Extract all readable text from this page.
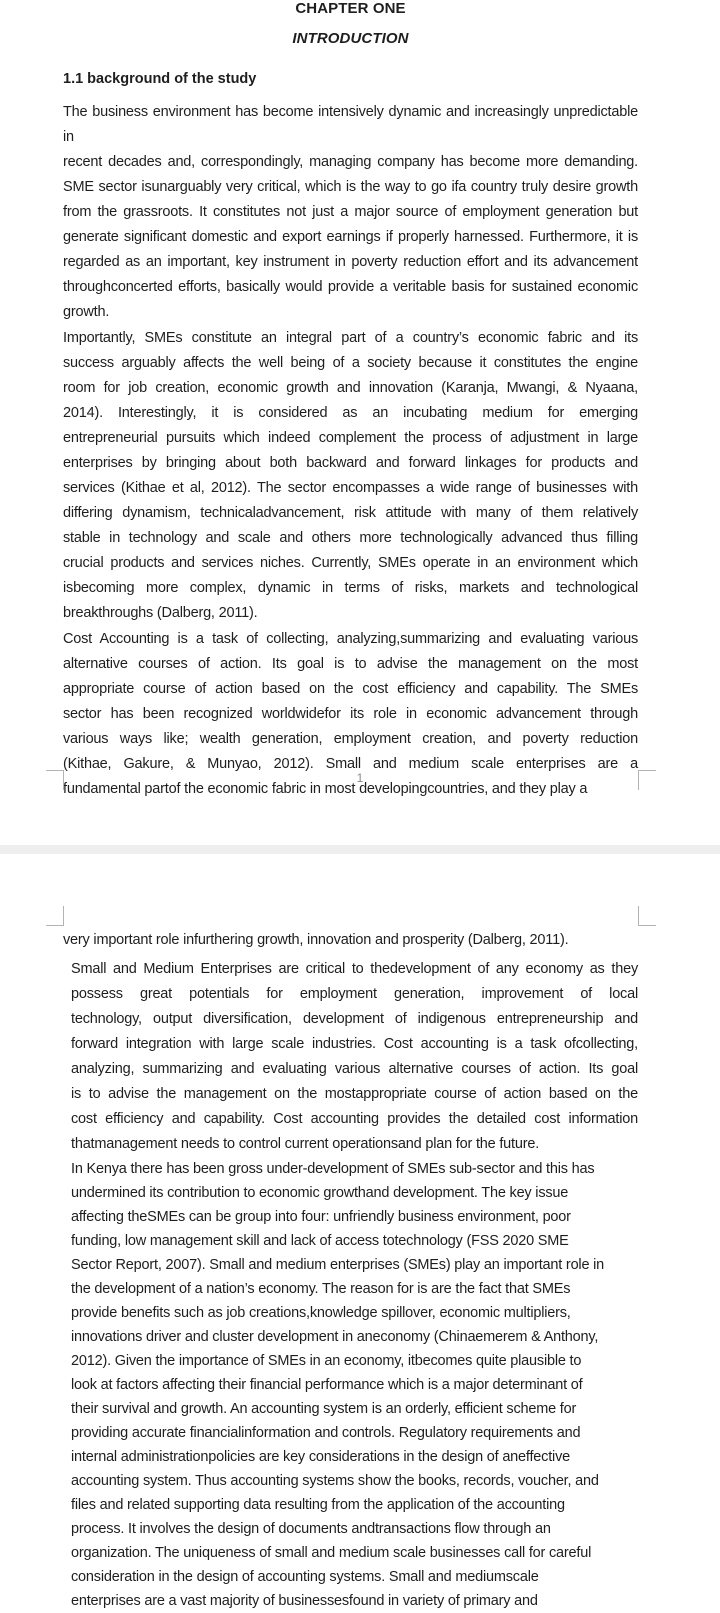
CHAPTER ONE
INTRODUCTION
1.1 background of the study
The business environment has become intensively dynamic and increasingly unpredictable in
recent decades and, correspondingly, managing company has become more demanding.
SME sector isunarguably very critical, which is the way to go ifa country truly desire growth
from the grassroots. It constitutes not just a major source of employment generation but
generate significant domestic and export earnings if properly harnessed. Furthermore, it is
regarded as an important, key instrument in poverty reduction effort and its advancement
throughconcerted efforts, basically would provide a veritable basis for sustained economic
growth.
Importantly, SMEs constitute an integral part of a country’s economic fabric and its
success arguably affects the well being of a society because it constitutes the engine
room for job creation, economic growth and innovation (Karanja, Mwangi, & Nyaana,
2014). Interestingly, it is considered as an incubating medium for emerging
entrepreneurial pursuits which indeed complement the process of adjustment in large
enterprises by bringing about both backward and forward linkages for products and
services (Kithae et al, 2012). The sector encompasses a wide range of businesses with
differing dynamism, technicaladvancement, risk attitude with many of them relatively
stable in technology and scale and others more technologically advanced thus filling
crucial products and services niches. Currently, SMEs operate in an environment which
isbecoming more complex, dynamic in terms of risks, markets and technological
breakthroughs (Dalberg, 2011).
Cost Accounting is a task of collecting, analyzing,summarizing and evaluating various
alternative courses of action. Its goal is to advise the management on the most
appropriate course of action based on the cost efficiency and capability. The SMEs
sector has been recognized worldwidefor its role in economic advancement through
various ways like; wealth generation, employment creation, and poverty reduction
(Kithae, Gakure, & Munyao, 2012). Small and medium scale enterprises are a
fundamental partof the economic fabric in most developingcountries, and they play a
1
very important role infurthering growth, innovation and prosperity (Dalberg, 2011).
Small and Medium Enterprises are critical to thedevelopment of any economy as they
possess great potentials for employment generation, improvement of local
technology, output diversification, development of indigenous entrepreneurship and
forward integration with large scale industries. Cost accounting is a task ofcollecting,
analyzing, summarizing and evaluating various alternative courses of action. Its goal
is to advise the management on the mostappropriate course of action based on the
cost efficiency and capability. Cost accounting provides the detailed cost information
thatmanagement needs to control current operationsand plan for the future.
In Kenya there has been gross under-development of SMEs sub-sector and this has
undermined its contribution to economic growthand development. The key issue
affecting theSMEs can be group into four: unfriendly business environment, poor
funding, low management skill and lack of access totechnology (FSS 2020 SME
Sector Report, 2007). Small and medium enterprises (SMEs) play an important role in
the development of a nation’s economy. The reason for is are the fact that SMEs
provide benefits such as job creations,knowledge spillover, economic multipliers,
innovations driver and cluster development in aneconomy (Chinaemerem & Anthony,
2012). Given the importance of SMEs in an economy, itbecomes quite plausible to
look at factors affecting their financial performance which is a major determinant of
their survival and growth. An accounting system is an orderly, efficient scheme for
providing accurate financialinformation and controls. Regulatory requirements and
internal administrationpolicies are key considerations in the design of aneffective
accounting system. Thus accounting systems show the books, records, voucher, and
files and related supporting data resulting from the application of the accounting
process. It involves the design of documents andtransactions flow through an
organization. The uniqueness of small and medium scale businesses call for careful
consideration in the design of accounting systems. Small and mediumscale
enterprises are a vast majority of businessesfound in variety of primary and
